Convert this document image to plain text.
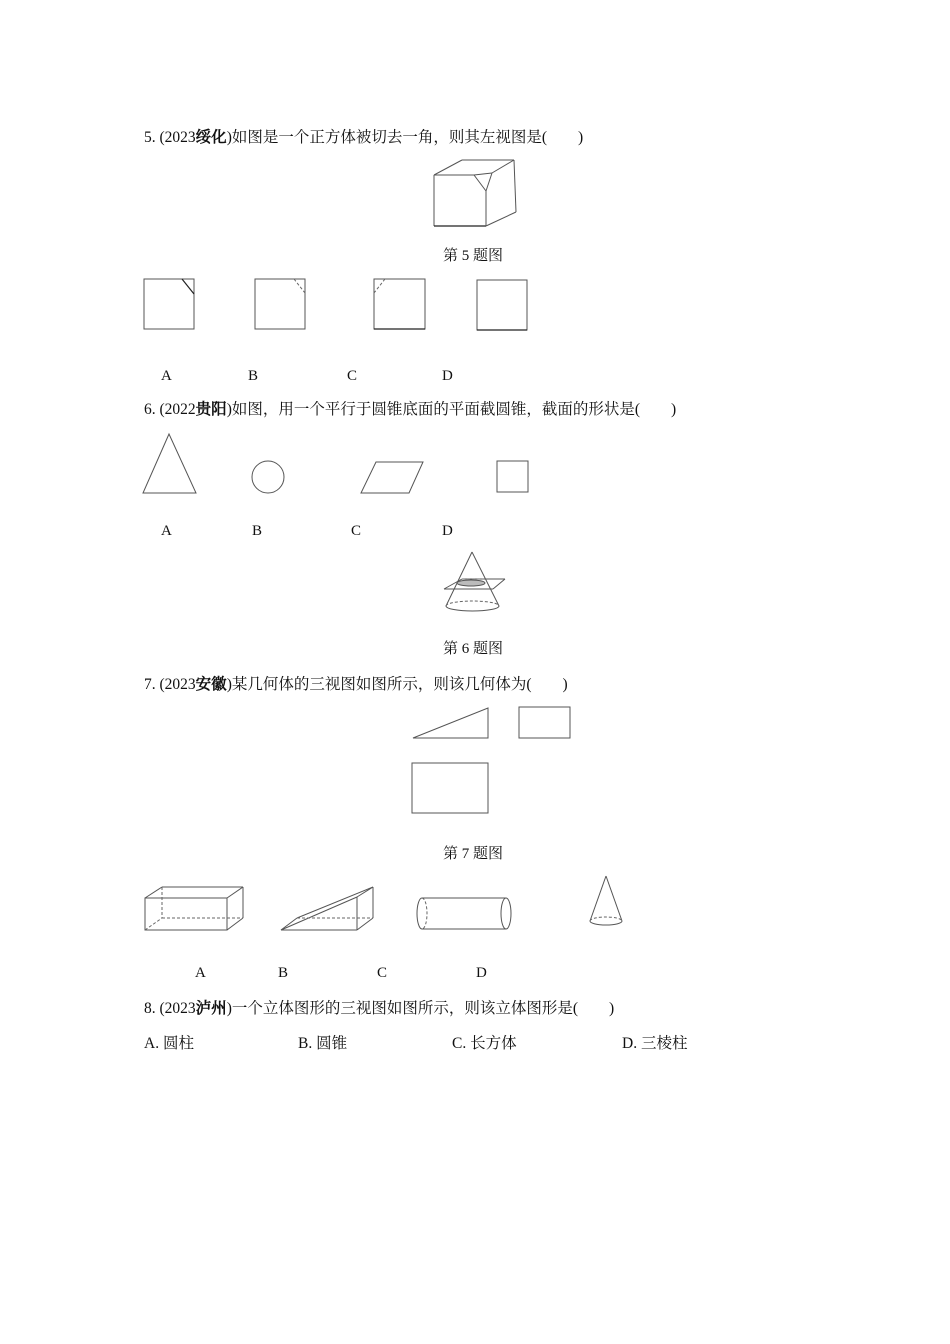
5. (2023绥化)如图是一个正方体被切去一角，则其左视图是(　　)
第 5 题图
A	B	C	D
6. (2022贵阳)如图，用一个平行于圆锥底面的平面截圆锥，截面的形状是(　　)
A	B	C	D
第 6 题图
7. (2023安徽)某几何体的三视图如图所示，则该几何体为(　　)
第 7 题图
A	B	C	D
8. (2023泸州)一个立体图形的三视图如图所示，则该立体图形是(　　)
A. 圆柱	B. 圆锥	C. 长方体	D. 三棱柱
